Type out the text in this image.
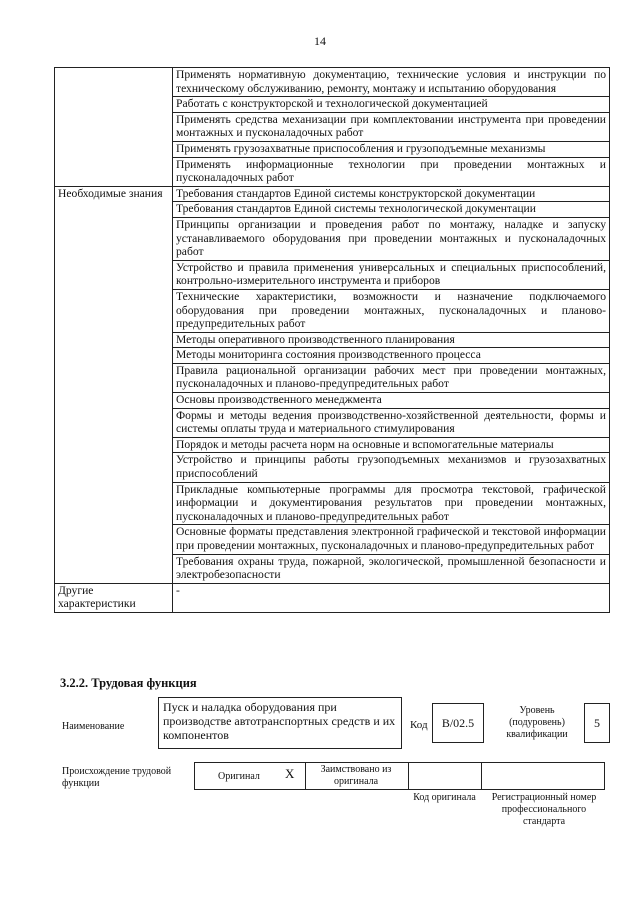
14
	Применять нормативную документацию, технические условия и инструкции по техническому обслуживанию, ремонту, монтажу и испытанию оборудования
	Работать с конструкторской и технологической документацией
	Применять средства механизации при комплектовании инструмента при проведении монтажных и пусконаладочных работ
	Применять грузозахватные приспособления и грузоподъемные механизмы
	Применять информационные технологии при проведении монтажных и пусконаладочных работ
Необходимые знания	Требования стандартов Единой системы конструкторской документации
	Требования стандартов Единой системы технологической документации
	Принципы организации и проведения работ по монтажу, наладке и запуску устанавливаемого оборудования при проведении монтажных и пусконаладочных работ
	Устройство и правила применения универсальных и специальных приспособлений, контрольно-измерительного инструмента и приборов
	Технические характеристики, возможности и назначение подключаемого оборудования при проведении монтажных, пусконаладочных и планово-предупредительных работ
	Методы оперативного производственного планирования
	Методы мониторинга состояния производственного процесса
	Правила рациональной организации рабочих мест при проведении монтажных, пусконаладочных и планово-предупредительных работ
	Основы производственного менеджмента
	Формы и методы ведения производственно-хозяйственной деятельности, формы и системы оплаты труда и материального стимулирования
	Порядок и методы расчета норм на основные и вспомогательные материалы
	Устройство и принципы работы грузоподъемных механизмов и грузозахватных приспособлений
	Прикладные компьютерные программы для просмотра текстовой, графической информации и документирования результатов при проведении монтажных, пусконаладочных и планово-предупредительных работ
	Основные форматы представления электронной графической и текстовой информации при проведении монтажных, пусконаладочных и планово-предупредительных работ
	Требования охраны труда, пожарной, экологической, промышленной безопасности и электробезопасности
Другие характеристики	-
3.2.2. Трудовая функция
Наименование
Пуск и наладка оборудования при производстве автотранспортных средств и их компонентов
Код	B/02.5
Уровень (подуровень) квалификации
5
Происхождение трудовой функции
Оригинал X	Заимствовано из оригинала
Код оригинала	Регистрационный номер профессионального стандарта
